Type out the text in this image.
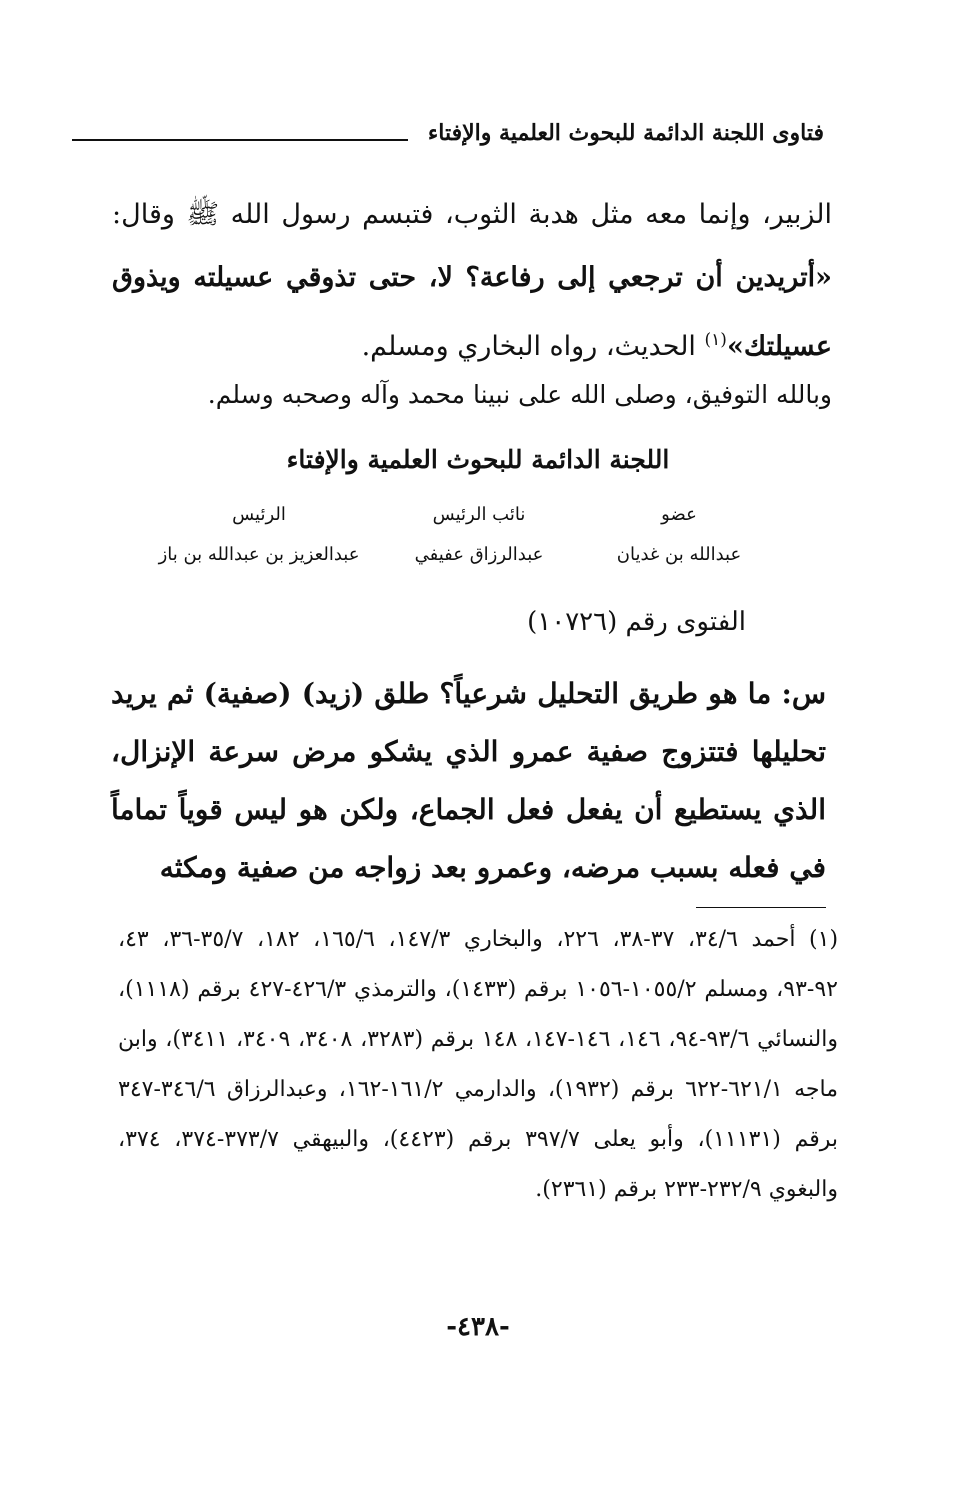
فتاوى اللجنة الدائمة للبحوث العلمية والإفتاء
الزبير، وإنما معه مثل هدبة الثوب، فتبسم رسول الله ﷺ وقال: «أتريدين أن ترجعي إلى رفاعة؟ لا، حتى تذوقي عسيلته ويذوق عسيلتك»$^{(١)}$ الحديث، رواه البخاري ومسلم.
وبالله التوفيق، وصلى الله على نبينا محمد وآله وصحبه وسلم.
اللجنة الدائمة للبحوث العلمية والإفتاء
عضو
عبدالله بن غديان
نائب الرئيس
عبدالرزاق عفيفي
الرئيس
عبدالعزيز بن عبدالله بن باز
الفتوى رقم (١٠٧٢٦)
س: ما هو طريق التحليل شرعياً؟ طلق (زيد) (صفية) ثم يريد تحليلها فتتزوج صفية عمرو الذي يشكو مرض سرعة الإنزال، الذي يستطيع أن يفعل فعل الجماع، ولكن هو ليس قوياً تماماً في فعله بسبب مرضه، وعمرو بعد زواجه من صفية ومكثه
(١) أحمد ٣٤/٦، ٣٧-٣٨، ٢٢٦، والبخاري ١٤٧/٣، ١٦٥/٦، ١٨٢، ٣٥/٧-٣٦، ٤٣، ٩٢-٩٣، ومسلم ١٠٥٥/٢-١٠٥٦ برقم (١٤٣٣)، والترمذي ٤٢٦/٣-٤٢٧ برقم (١١١٨)، والنسائي ٩٣/٦-٩٤، ١٤٦، ١٤٦-١٤٧، ١٤٨ برقم (٣٢٨٣، ٣٤٠٨، ٣٤٠٩، ٣٤١١)، وابن ماجه ٦٢١/١-٦٢٢ برقم (١٩٣٢)، والدارمي ١٦١/٢-١٦٢، وعبدالرزاق ٣٤٦/٦-٣٤٧ برقم (١١١٣١)، وأبو يعلى ٣٩٧/٧ برقم (٤٤٢٣)، والبيهقي ٣٧٣/٧-٣٧٤، ٣٧٤، والبغوي ٢٣٢/٩-٢٣٣ برقم (٢٣٦١).
-٤٣٨-
